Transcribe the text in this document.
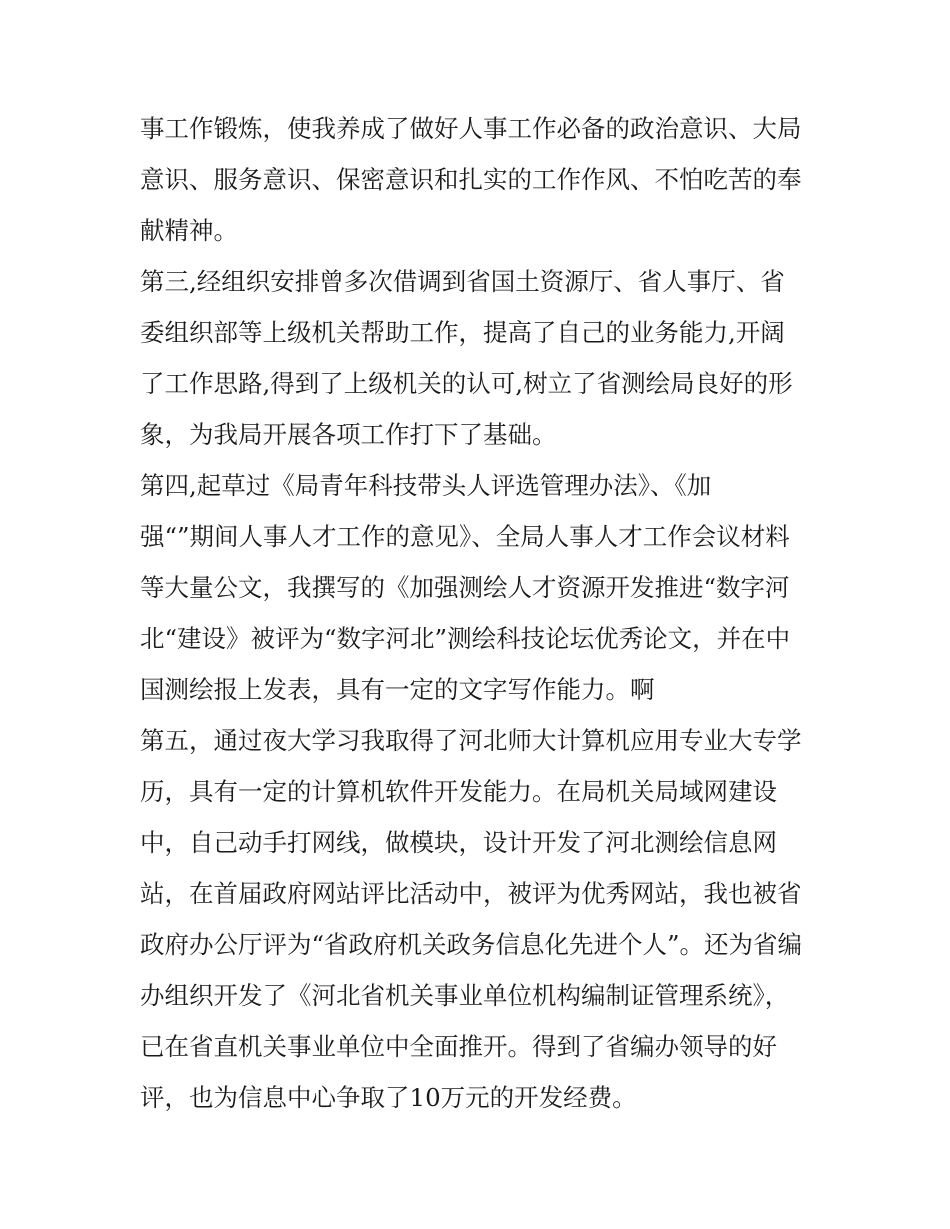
事工作锻炼，使我养成了做好人事工作必备的政治意识、大局
意识、服务意识、保密意识和扎实的工作作风、不怕吃苦的奉
献精神。
第三,经组织安排曾多次借调到省国土资源厅、省人事厅、省
委组织部等上级机关帮助工作，提高了自己的业务能力,开阔
了工作思路,得到了上级机关的认可,树立了省测绘局良好的形
象，为我局开展各项工作打下了基础。
第四,起草过《局青年科技带头人评选管理办法》、《加
强“”期间人事人才工作的意见》、全局人事人才工作会议材料
等大量公文，我撰写的《加强测绘人才资源开发推进“数字河
北“建设》被评为“数字河北”测绘科技论坛优秀论文，并在中
国测绘报上发表，具有一定的文字写作能力。啊
第五，通过夜大学习我取得了河北师大计算机应用专业大专学
历，具有一定的计算机软件开发能力。在局机关局域网建设
中，自己动手打网线，做模块，设计开发了河北测绘信息网
站，在首届政府网站评比活动中，被评为优秀网站，我也被省
政府办公厅评为“省政府机关政务信息化先进个人”。还为省编
办组织开发了《河北省机关事业单位机构编制证管理系统》，
已在省直机关事业单位中全面推开。得到了省编办领导的好
评，也为信息中心争取了10万元的开发经费。
